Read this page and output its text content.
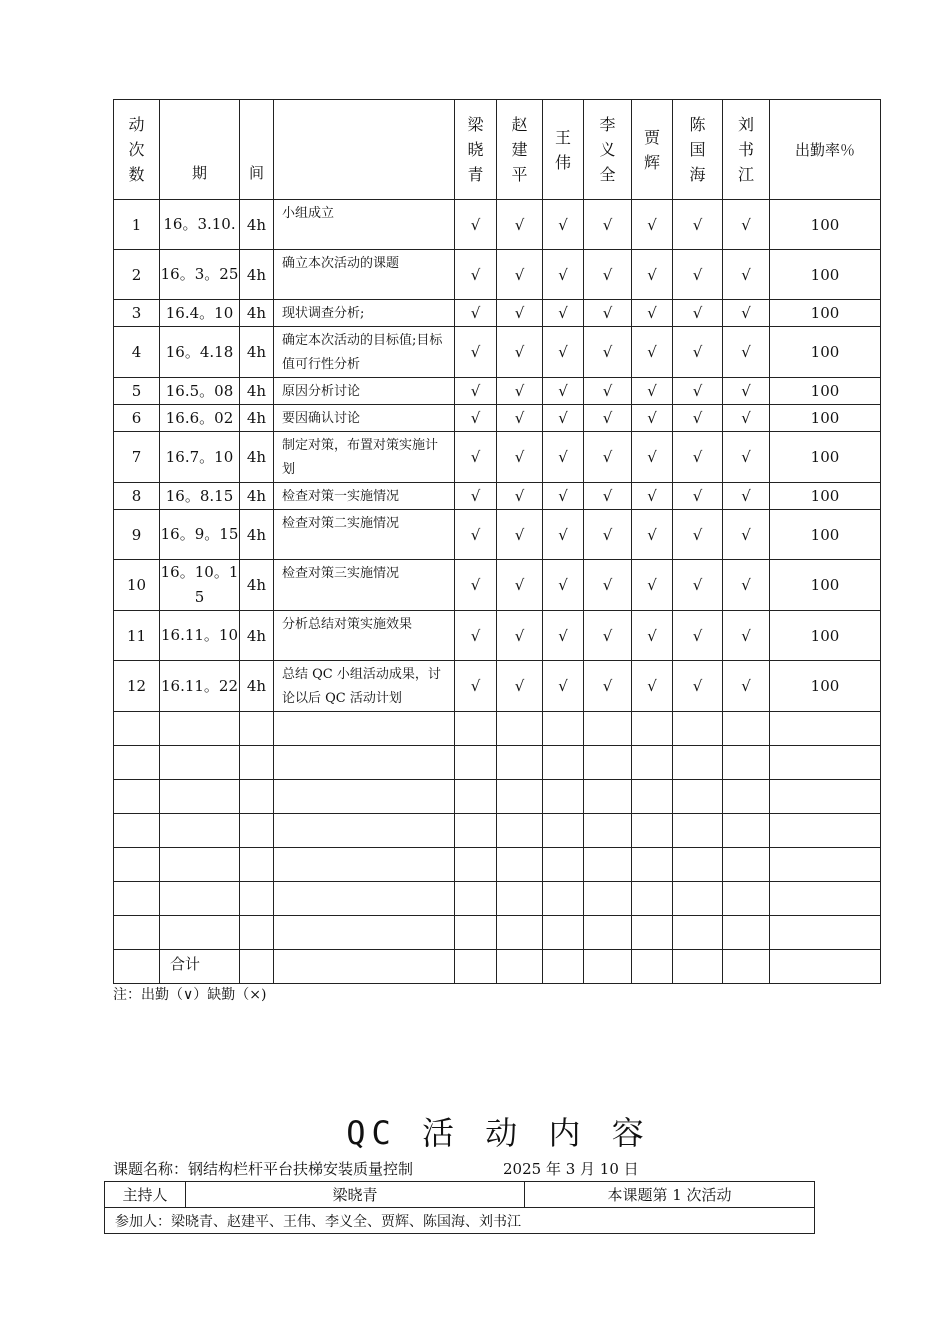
动次数	期	间		梁晓青	赵建平	王伟	李义全	贾辉	陈国海	刘书江	出勤率％
1	16。3.10.	4h	小组成立	√	√	√	√	√	√	√	100
2	16。3。25	4h	确立本次活动的课题	√	√	√	√	√	√	√	100
3	16.4。10	4h	现状调查分析;	√	√	√	√	√	√	√	100
4	16。4.18	4h	确定本次活动的目标值;目标值可行性分析	√	√	√	√	√	√	√	100
5	16.5。08	4h	原因分析讨论	√	√	√	√	√	√	√	100
6	16.6。02	4h	要因确认讨论	√	√	√	√	√	√	√	100
7	16.7。10	4h	制定对策，布置对策实施计划	√	√	√	√	√	√	√	100
8	16。8.15	4h	检查对策一实施情况	√	√	√	√	√	√	√	100
9	16。9。15	4h	检查对策二实施情况	√	√	√	√	√	√	√	100
10	16。10。15	4h	检查对策三实施情况	√	√	√	√	√	√	√	100
11	16.11。10	4h	分析总结对策实施效果	√	√	√	√	√	√	√	100
12	16.11。22	4h	总结 QC 小组活动成果，讨论以后 QC 活动计划	√	√	√	√	√	√	√	100

	合计										
注：出勤（∨）缺勤（×)
QC 活 动 内 容
课题名称：钢结构栏杆平台扶梯安装质量控制	2025 年 3 月 10 日
主持人	梁晓青	本课题第 1 次活动
参加人：梁晓青、赵建平、王伟、李义全、贾辉、陈国海、刘书江
